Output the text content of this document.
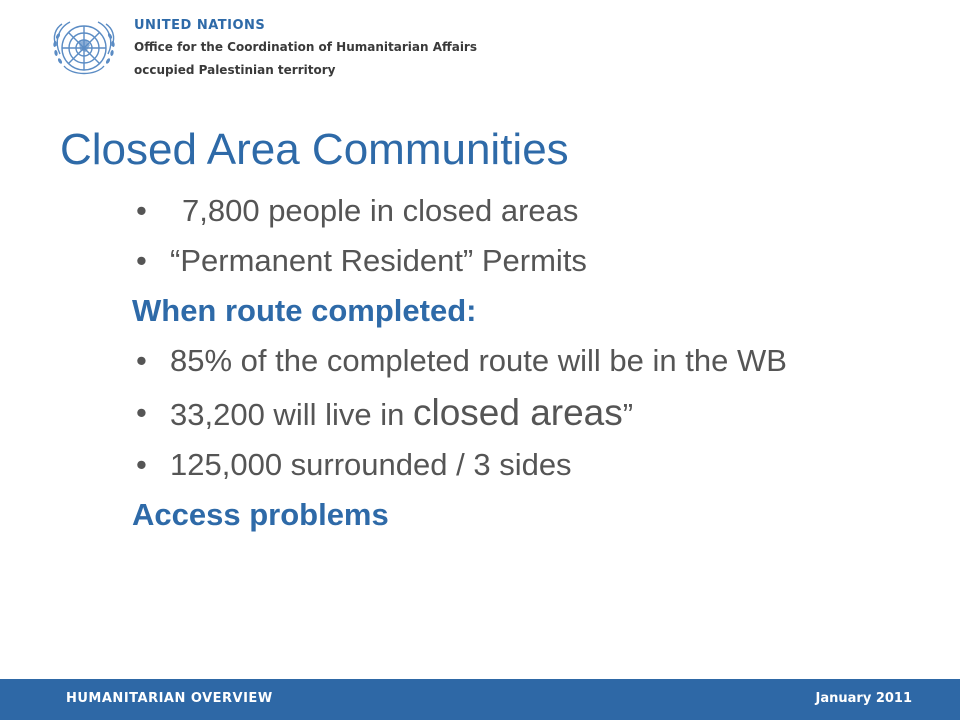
UNITED NATIONS
Office for the Coordination of Humanitarian Affairs
occupied Palestinian territory
Closed Area Communities
• 7,800 people in closed areas
• “Permanent Resident” Permits
When route completed:
• 85% of the completed route will be in the WB
• 33,200 will live in closed areas”
• 125,000 surrounded / 3 sides
Access problems
HUMANITARIAN OVERVIEW	January 2011
